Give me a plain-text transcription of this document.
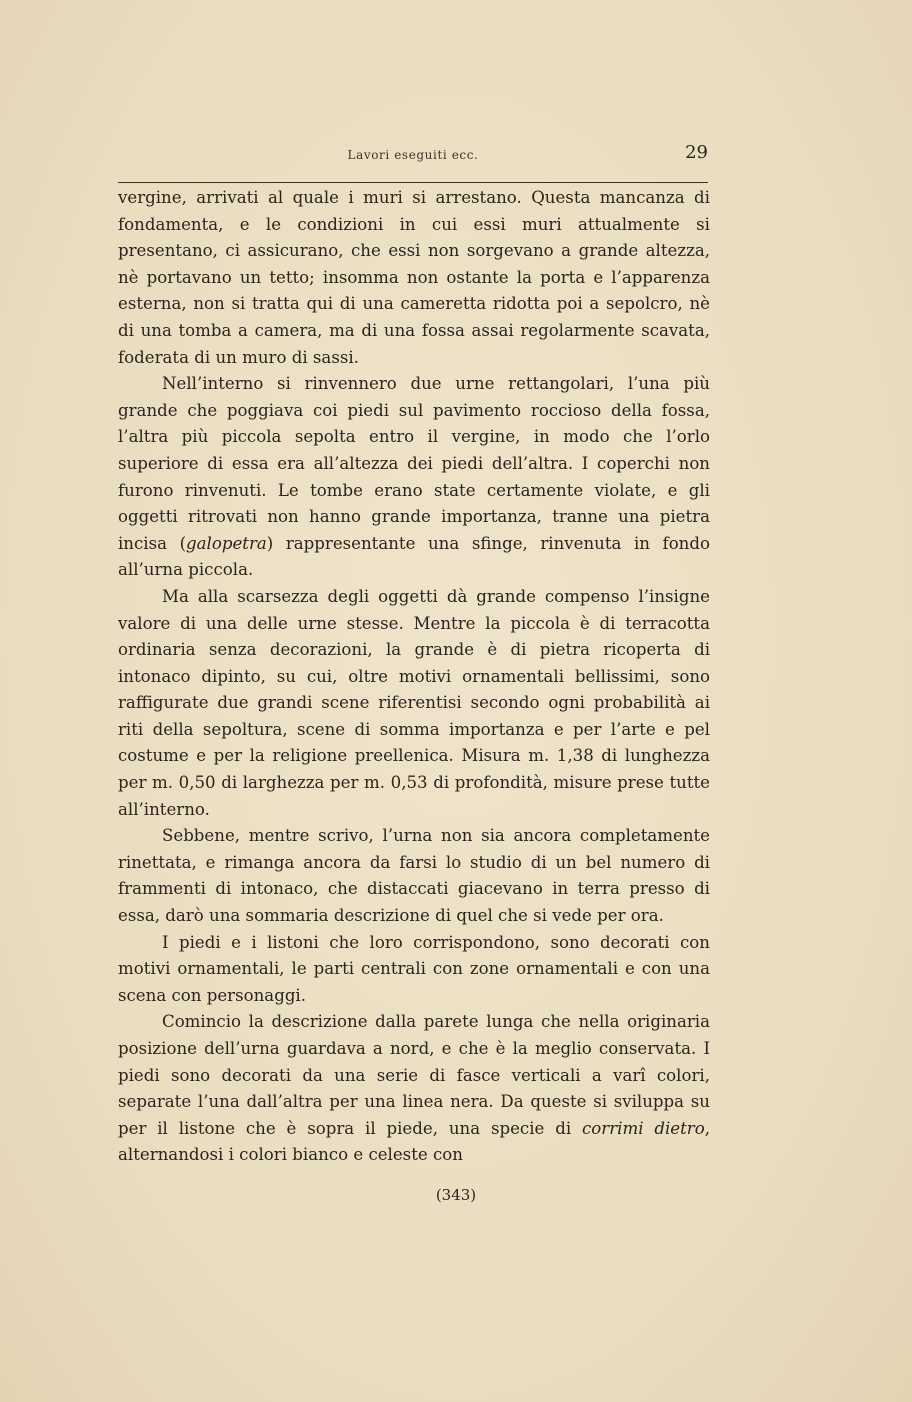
Lavori eseguiti ecc.	29

vergine, arrivati al quale i muri si arrestano. Questa mancanza di fondamenta, e le condizioni in cui essi muri attualmente si presentano, ci assicurano, che essi non sorgevano a grande altezza, nè portavano un tetto; insomma non ostante la porta e l’apparenza esterna, non si tratta qui di una cameretta ridotta poi a sepolcro, nè di una tomba a camera, ma di una fossa assai regolarmente scavata, foderata di un muro di sassi.

Nell’interno si rinvennero due urne rettangolari, l’una più grande che poggiava coi piedi sul pavimento roccioso della fossa, l’altra più piccola sepolta entro il vergine, in modo che l’orlo superiore di essa era all’altezza dei piedi dell’altra. I coperchi non furono rinvenuti. Le tombe erano state certamente violate, e gli oggetti ritrovati non hanno grande importanza, tranne una pietra incisa (galopetra) rappresentante una sfinge, rinvenuta in fondo all’urna piccola.

Ma alla scarsezza degli oggetti dà grande compenso l’insigne valore di una delle urne stesse. Mentre la piccola è di terracotta ordinaria senza decorazioni, la grande è di pietra ricoperta di intonaco dipinto, su cui, oltre motivi ornamentali bellissimi, sono raffigurate due grandi scene riferentisi secondo ogni probabilità ai riti della sepoltura, scene di somma importanza e per l’arte e pel costume e per la religione preellenica. Misura m. 1,38 di lunghezza per m. 0,50 di larghezza per m. 0,53 di profondità, misure prese tutte all’interno.

Sebbene, mentre scrivo, l’urna non sia ancora completamente rinettata, e rimanga ancora da farsi lo studio di un bel numero di frammenti di intonaco, che distaccati giacevano in terra presso di essa, darò una sommaria descrizione di quel che si vede per ora.

I piedi e i listoni che loro corrispondono, sono decorati con motivi ornamentali, le parti centrali con zone ornamentali e con una scena con personaggi.

Comincio la descrizione dalla parete lunga che nella originaria posizione dell’urna guardava a nord, e che è la meglio conservata. I piedi sono decorati da una serie di fasce verticali a varî colori, separate l’una dall’altra per una linea nera. Da queste si sviluppa su per il listone che è sopra il piede, una specie di corrimi dietro, alternandosi i colori bianco e celeste con

(343)
